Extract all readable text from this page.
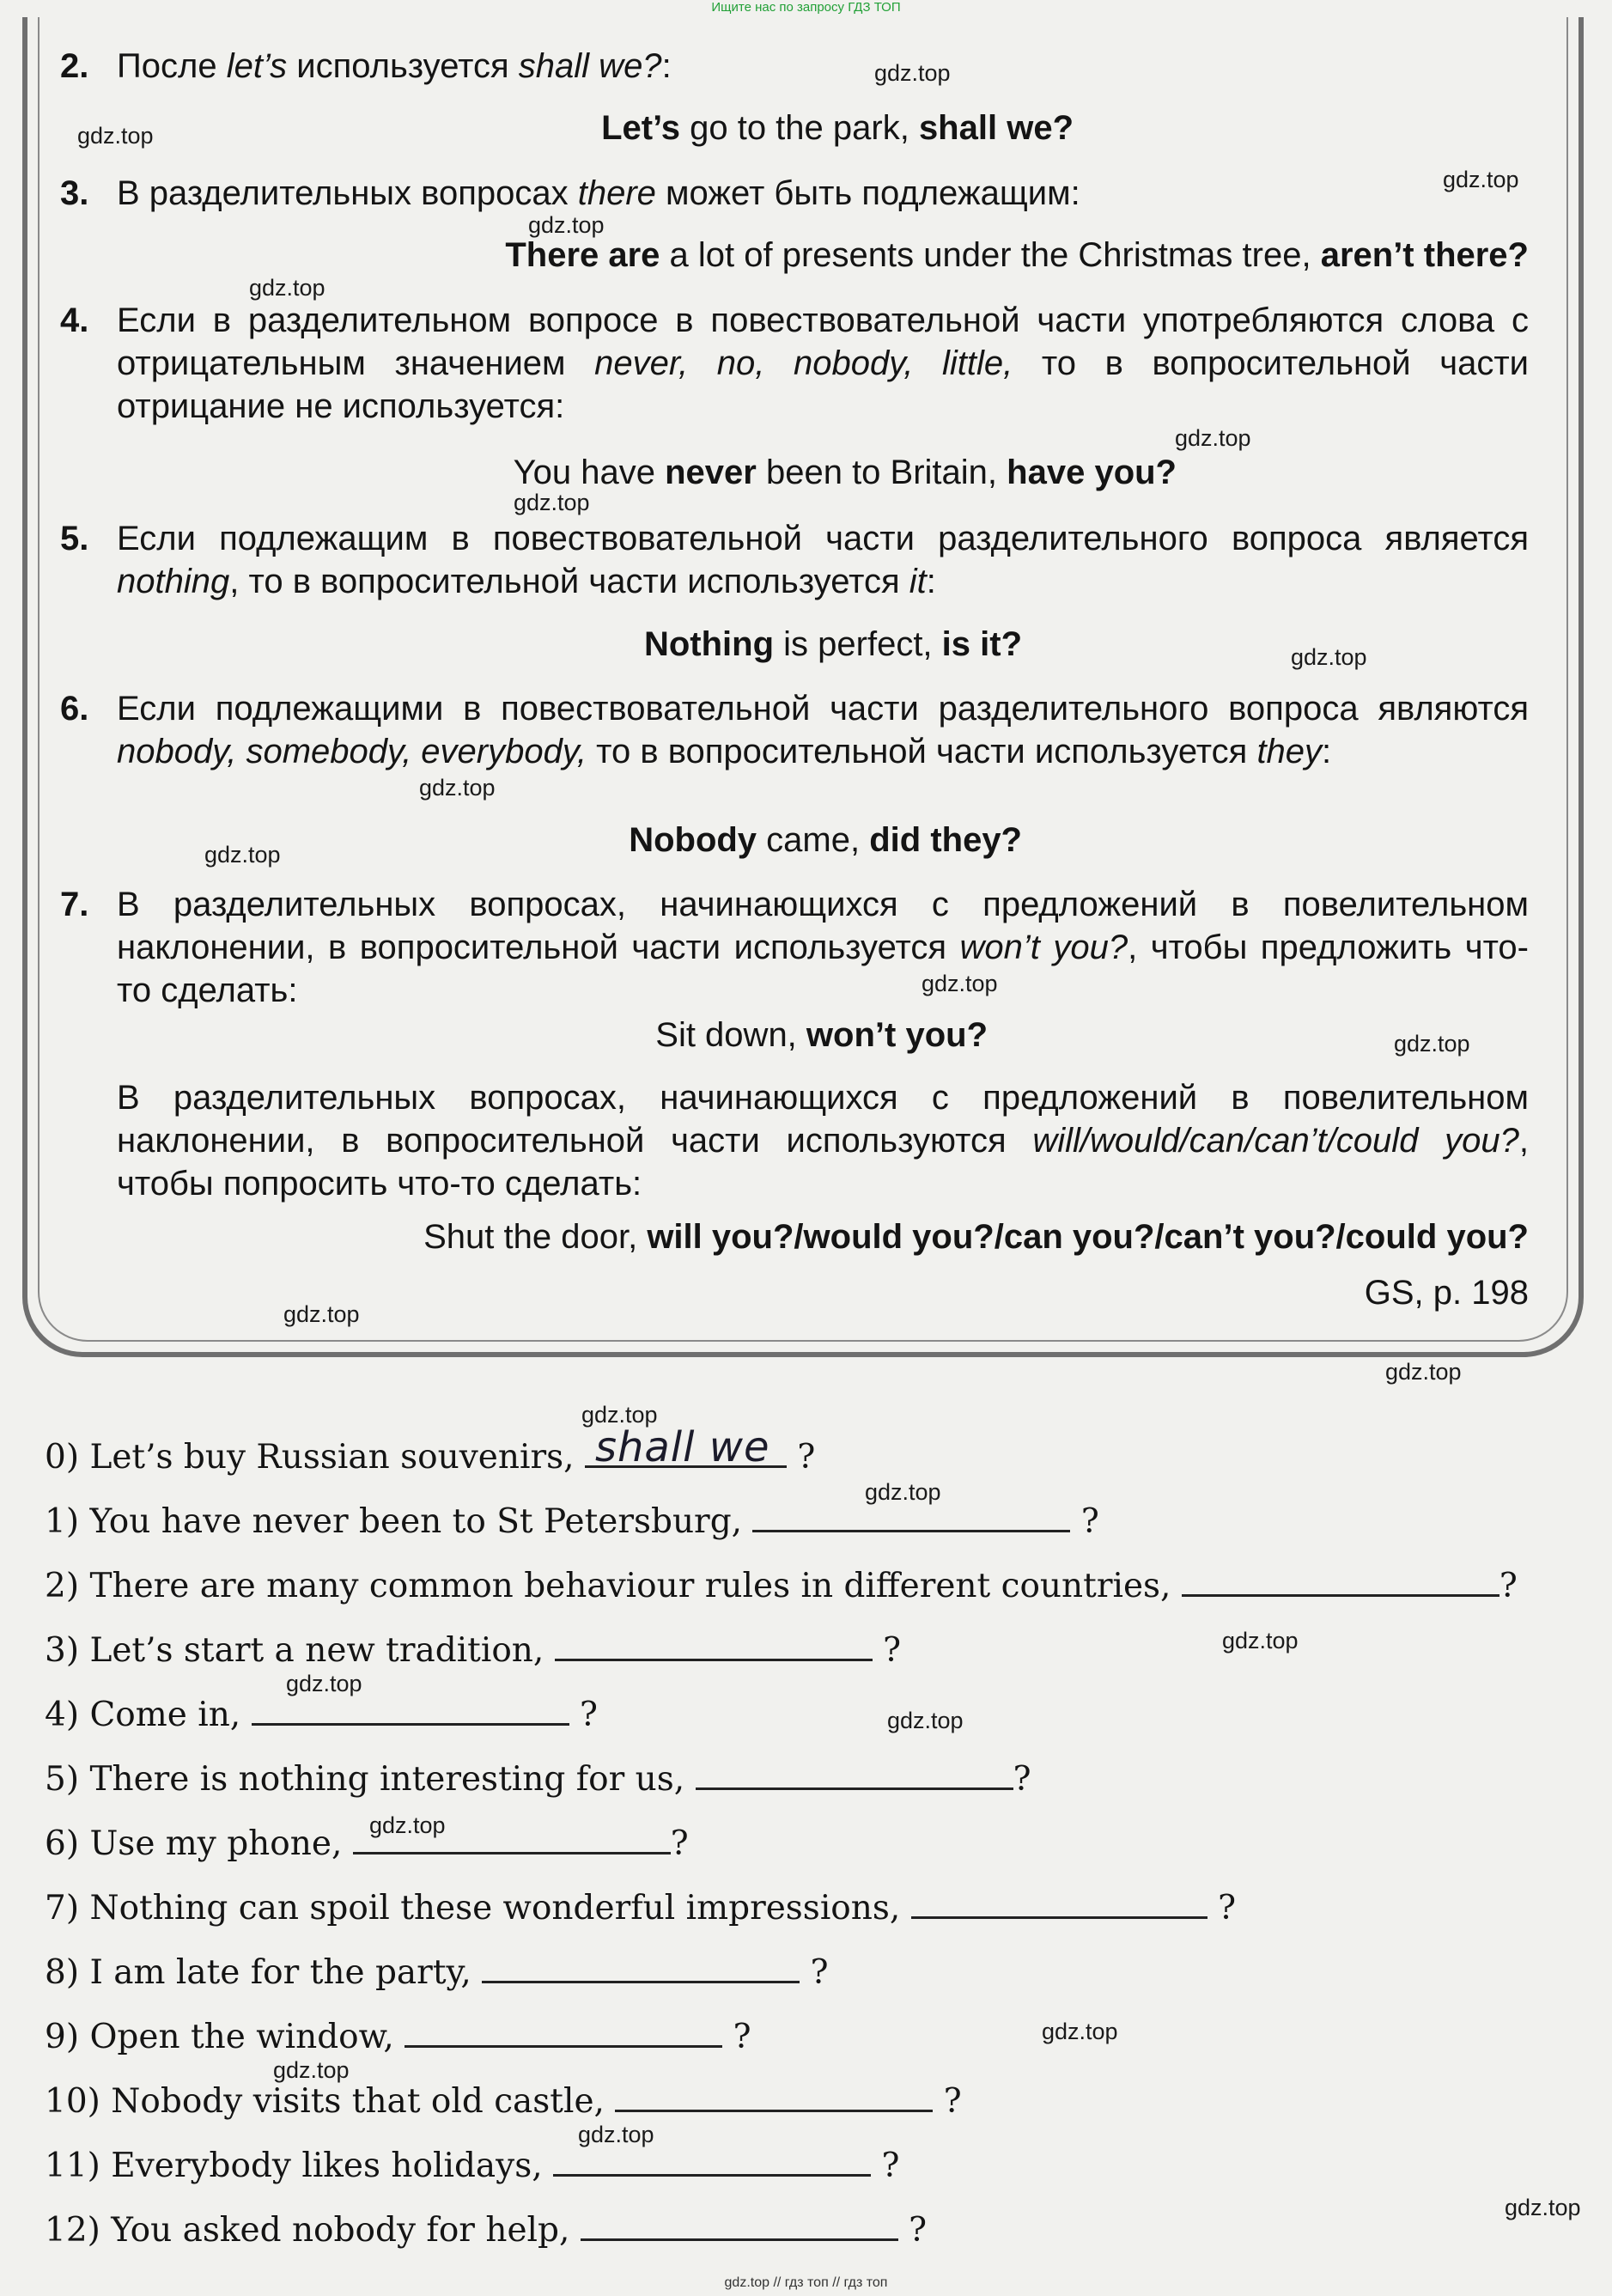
Ищите нас по запросу ГДЗ ТОП
2. После let’s используется shall we?:
Let’s go to the park, shall we?
3. В разделительных вопросах there может быть подлежащим:
There are a lot of presents under the Christmas tree, aren’t there?
4. Если в разделительном вопросе в повествовательной части употребляются слова с отрицательным значением never, no, nobody, little, то в вопросительной части отрицание не используется:
You have never been to Britain, have you?
5. Если подлежащим в повествовательной части разделительного вопроса является nothing, то в вопросительной части используется it:
Nothing is perfect, is it?
6. Если подлежащими в повествовательной части разделительного вопроса являются nobody, somebody, everybody, то в вопросительной части используется they:
Nobody came, did they?
7. В разделительных вопросах, начинающихся с предложений в повелительном наклонении, в вопросительной части используется won’t you?, чтобы предложить что-то сделать:
Sit down, won’t you?
В разделительных вопросах, начинающихся с предложений в повелительном наклонении, в вопросительной части используются will/would/can/can’t/could you?, чтобы попросить что-то сделать:
Shut the door, will you?/would you?/can you?/can’t you?/could you?
GS, p. 198
0) Let’s buy Russian souvenirs, shall we ?
1) You have never been to St Petersburg,	?
2) There are many common behaviour rules in different countries,	?
3) Let’s start a new tradition,	?
4) Come in,	?
5) There is nothing interesting for us,	?
6) Use my phone,	?
7) Nothing can spoil these wonderful impressions,	?
8) I am late for the party,	?
9) Open the window,	?
10) Nobody visits that old castle,	?
11) Everybody likes holidays,	?
12) You asked nobody for help,	?
gdz.top
gdz.top
gdz.top
gdz.top
gdz.top
gdz.top
gdz.top
gdz.top
gdz.top
gdz.top
gdz.top
gdz.top
gdz.top
gdz.top
gdz.top
gdz.top
gdz.top
gdz.top
gdz.top
gdz.top
gdz.top
gdz.top
gdz.top
gdz.top
gdz.top // гдз топ // гдз топ
